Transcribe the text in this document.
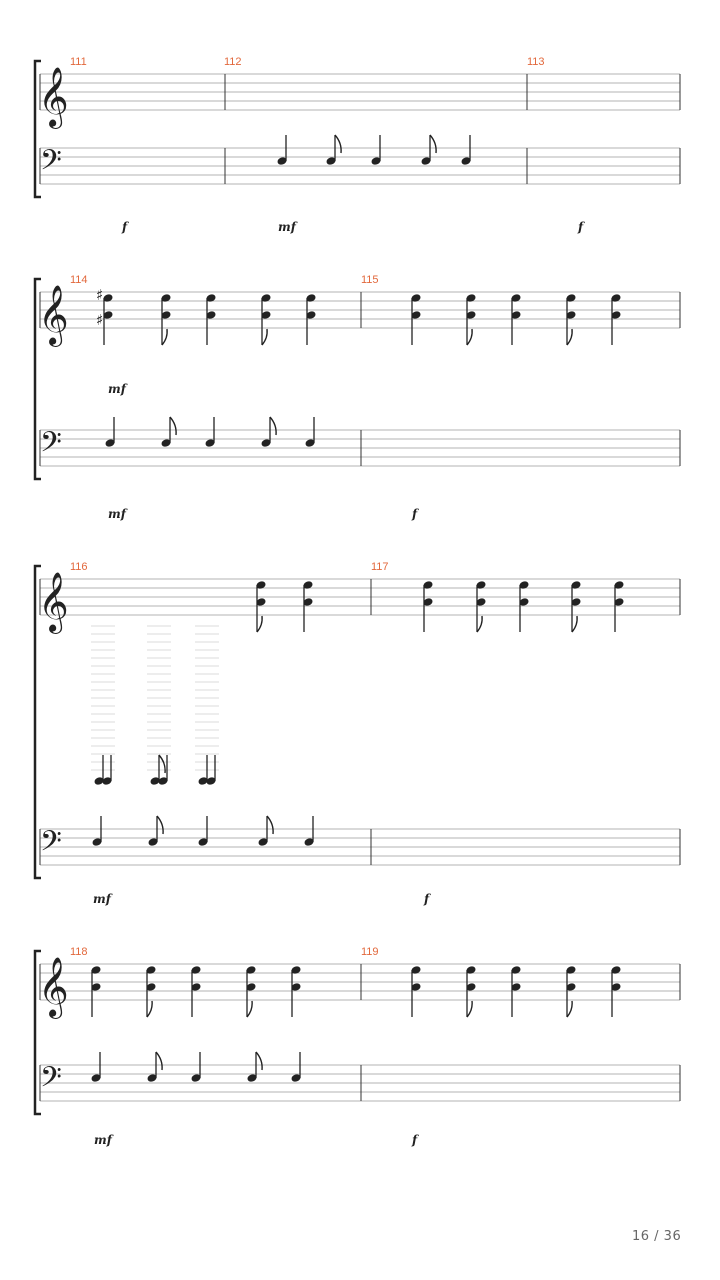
𝄞
𝄢
111	112	113
f	mf	f
𝄞
𝄢
114	115
mf	f
mf
♯
♯
𝄞
𝄢
116	117
mf	f
𝄞
𝄢
118	119
mf	f
16 / 36
